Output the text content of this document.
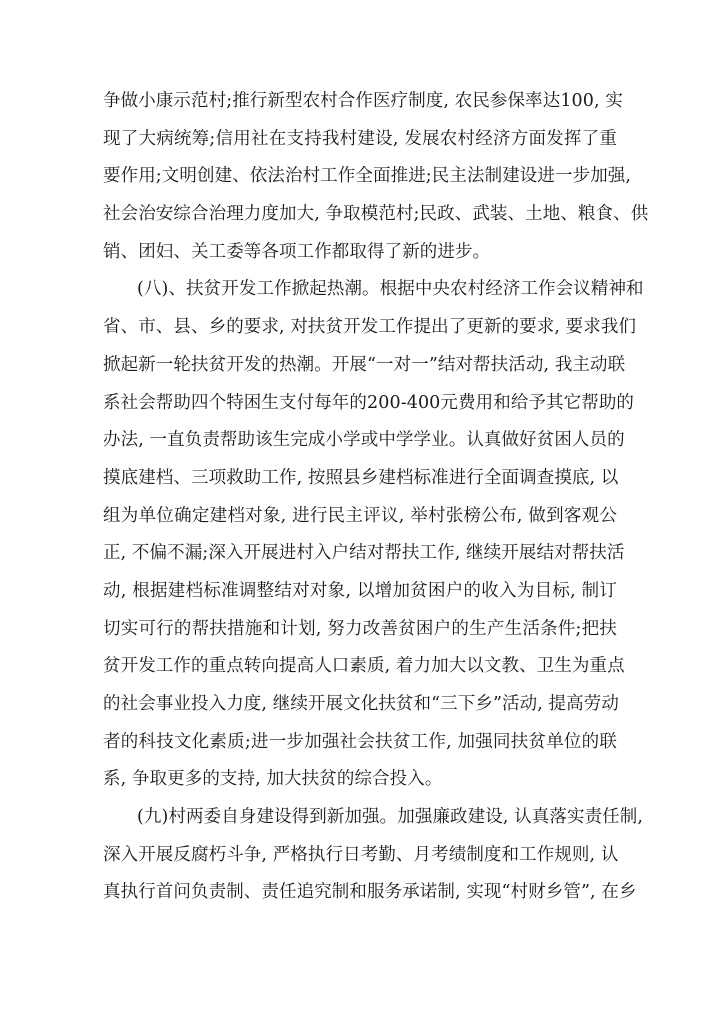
争做小康示范村;推行新型农村合作医疗制度, 农民参保率达100, 实
现了大病统筹;信用社在支持我村建设, 发展农村经济方面发挥了重
要作用;文明创建、依法治村工作全面推进;民主法制建设进一步加强,
社会治安综合治理力度加大, 争取模范村;民政、武装、土地、粮食、供
销、团妇、关工委等各项工作都取得了新的进步。
(八)、扶贫开发工作掀起热潮。根据中央农村经济工作会议精神和
省、市、县、乡的要求, 对扶贫开发工作提出了更新的要求, 要求我们
掀起新一轮扶贫开发的热潮。开展“一对一”结对帮扶活动, 我主动联
系社会帮助四个特困生支付每年的200-400元费用和给予其它帮助的
办法, 一直负责帮助该生完成小学或中学学业。认真做好贫困人员的
摸底建档、三项救助工作, 按照县乡建档标准进行全面调查摸底, 以
组为单位确定建档对象, 进行民主评议, 举村张榜公布, 做到客观公
正, 不偏不漏;深入开展进村入户结对帮扶工作, 继续开展结对帮扶活
动, 根据建档标准调整结对对象, 以增加贫困户的收入为目标, 制订
切实可行的帮扶措施和计划, 努力改善贫困户的生产生活条件;把扶
贫开发工作的重点转向提高人口素质, 着力加大以文教、卫生为重点
的社会事业投入力度, 继续开展文化扶贫和“三下乡”活动, 提高劳动
者的科技文化素质;进一步加强社会扶贫工作, 加强同扶贫单位的联
系, 争取更多的支持, 加大扶贫的综合投入。
(九)村两委自身建设得到新加强。加强廉政建设, 认真落实责任制,
深入开展反腐朽斗争, 严格执行日考勤、月考绩制度和工作规则, 认
真执行首问负责制、责任追究制和服务承诺制, 实现“村财乡管”, 在乡
